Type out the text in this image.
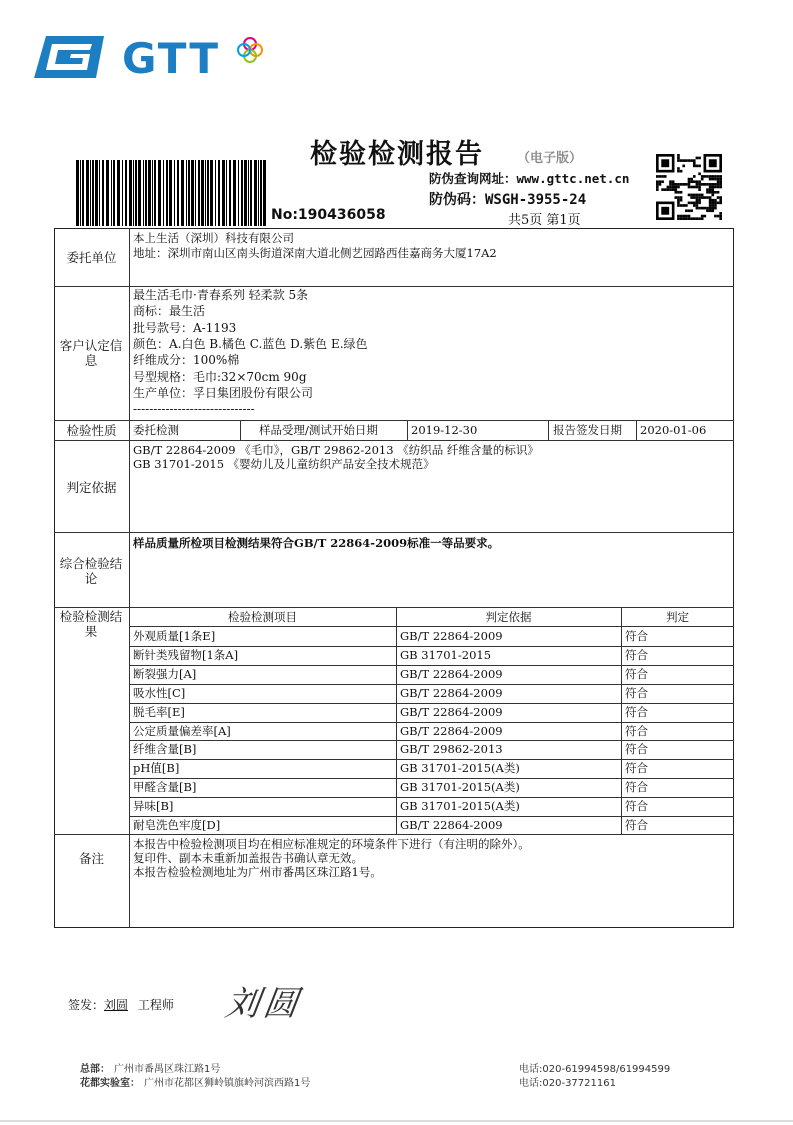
GTT
检验检测报告	（电子版）
No:190436058
防伪查询网址：www.gttc.net.cn
防伪码：WSGH-3955-24
共5页 第1页
委托单位
本上生活（深圳）科技有限公司
地址：深圳市南山区南头街道深南大道北侧艺园路西佳嘉商务大厦17A2
客户认定信息
最生活毛巾·青春系列 轻柔款 5条
商标：最生活
批号款号：A-1193
颜色：A.白色 B.橘色 C.蓝色 D.紫色 E.绿色
纤维成分：100%棉
号型规格：毛巾:32×70cm 90g
生产单位：孚日集团股份有限公司
------------------------------
检验性质	委托检测	样品受理/测试开始日期	2019-12-30	报告签发日期 2020-01-06
判定依据
GB/T 22864-2009 《毛巾》，GB/T 29862-2013 《纺织品 纤维含量的标识》
GB 31701-2015 《婴幼儿及儿童纺织产品安全技术规范》
综合检验结论
样品质量所检项目检测结果符合GB/T 22864-2009标准一等品要求。
检验检测结果
检验检测项目	判定依据	判定
外观质量[1条E]	GB/T 22864-2009	符合
断针类残留物[1条A]	GB 31701-2015	符合
断裂强力[A]	GB/T 22864-2009	符合
吸水性[C]	GB/T 22864-2009	符合
脱毛率[E]	GB/T 22864-2009	符合
公定质量偏差率[A]	GB/T 22864-2009	符合
纤维含量[B]	GB/T 29862-2013	符合
pH值[B]	GB 31701-2015(A类)	符合
甲醛含量[B]	GB 31701-2015(A类)	符合
异味[B]	GB 31701-2015(A类)	符合
耐皂洗色牢度[D]	GB/T 22864-2009	符合
备注
本报告中检验检测项目均在相应标准规定的环境条件下进行（有注明的除外）。
复印件、副本未重新加盖报告书确认章无效。
本报告检验检测地址为广州市番禺区珠江路1号。
签发：刘圆 工程师 刘圆
总部： 广州市番禺区珠江路1号	电话:020-61994598/61994599
花都实验室： 广州市花都区狮岭镇旗岭河滨西路1号	电话:020-37721161
